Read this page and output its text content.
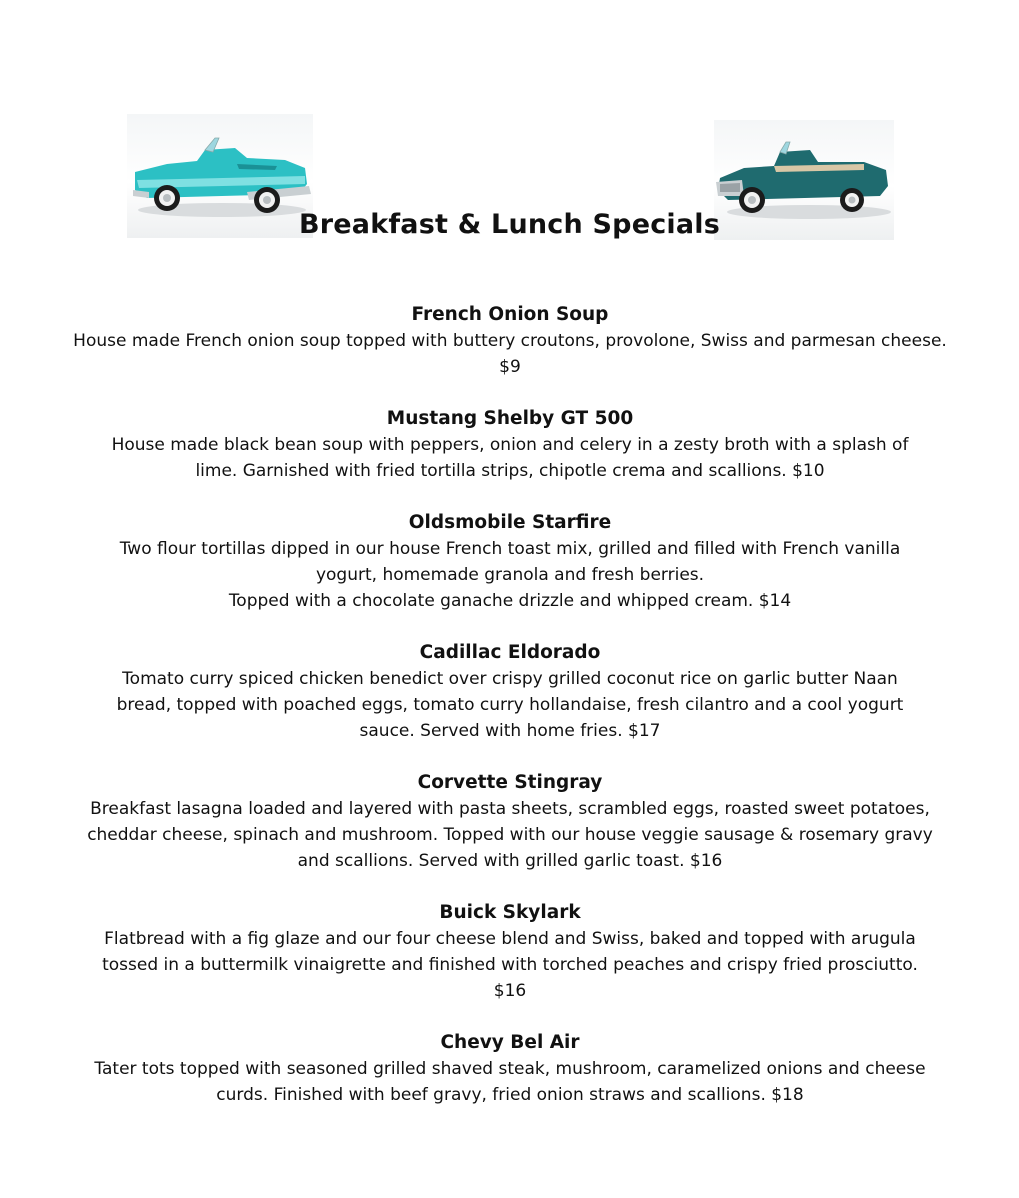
Breakfast & Lunch Specials

French Onion Soup

House made French onion soup topped with buttery croutons, provolone, Swiss and parmesan cheese.
$9

Mustang Shelby GT 500

House made black bean soup with peppers, onion and celery in a zesty broth with a splash of
lime. Garnished with fried tortilla strips, chipotle crema and scallions. $10

Oldsmobile Starfire

Two flour tortillas dipped in our house French toast mix, grilled and filled with French vanilla
yogurt, homemade granola and fresh berries.
Topped with a chocolate ganache drizzle and whipped cream. $14

Cadillac Eldorado

Tomato curry spiced chicken benedict over crispy grilled coconut rice on garlic butter Naan
bread, topped with poached eggs, tomato curry hollandaise, fresh cilantro and a cool yogurt
sauce. Served with home fries. $17

Corvette Stingray

Breakfast lasagna loaded and layered with pasta sheets, scrambled eggs, roasted sweet potatoes,
cheddar cheese, spinach and mushroom. Topped with our house veggie sausage & rosemary gravy
and scallions. Served with grilled garlic toast. $16

Buick Skylark

Flatbread with a fig glaze and our four cheese blend and Swiss, baked and topped with arugula
tossed in a buttermilk vinaigrette and finished with torched peaches and crispy fried prosciutto.
$16

Chevy Bel Air

Tater tots topped with seasoned grilled shaved steak, mushroom, caramelized onions and cheese
curds. Finished with beef gravy, fried onion straws and scallions. $18
